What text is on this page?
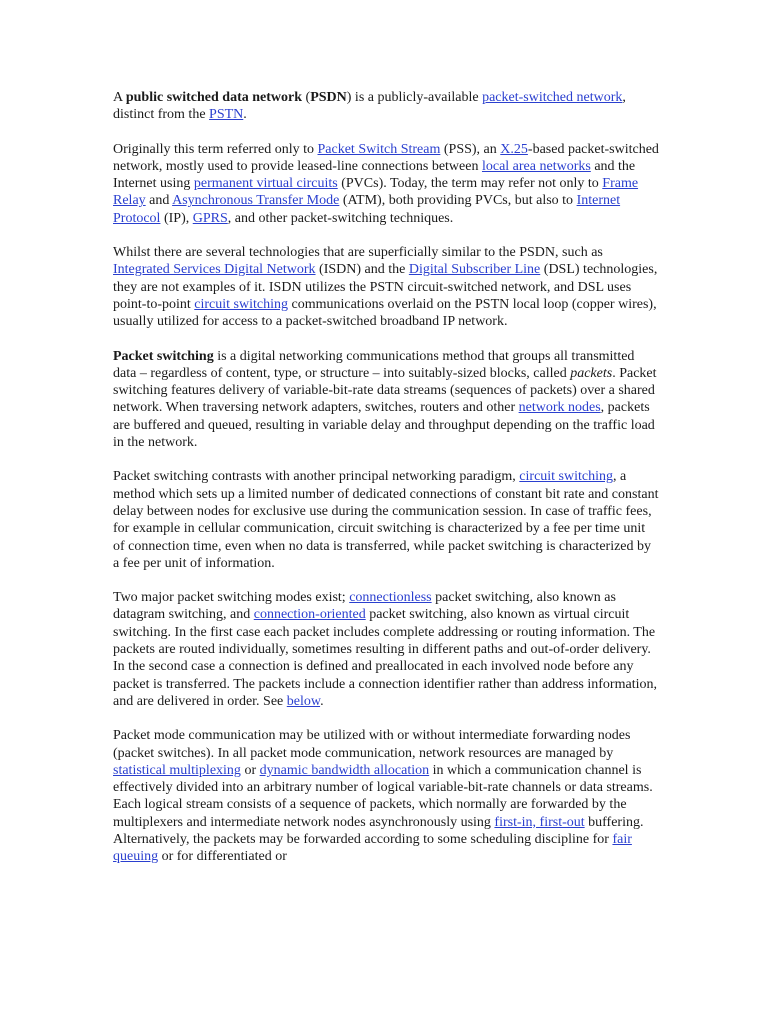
A public switched data network (PSDN) is a publicly-available packet-switched network, distinct from the PSTN.

Originally this term referred only to Packet Switch Stream (PSS), an X.25-based packet-switched network, mostly used to provide leased-line connections between local area networks and the Internet using permanent virtual circuits (PVCs). Today, the term may refer not only to Frame Relay and Asynchronous Transfer Mode (ATM), both providing PVCs, but also to Internet Protocol (IP), GPRS, and other packet-switching techniques.

Whilst there are several technologies that are superficially similar to the PSDN, such as Integrated Services Digital Network (ISDN) and the Digital Subscriber Line (DSL) technologies, they are not examples of it. ISDN utilizes the PSTN circuit-switched network, and DSL uses point-to-point circuit switching communications overlaid on the PSTN local loop (copper wires), usually utilized for access to a packet-switched broadband IP network.

Packet switching is a digital networking communications method that groups all transmitted data – regardless of content, type, or structure – into suitably-sized blocks, called packets. Packet switching features delivery of variable-bit-rate data streams (sequences of packets) over a shared network. When traversing network adapters, switches, routers and other network nodes, packets are buffered and queued, resulting in variable delay and throughput depending on the traffic load in the network.

Packet switching contrasts with another principal networking paradigm, circuit switching, a method which sets up a limited number of dedicated connections of constant bit rate and constant delay between nodes for exclusive use during the communication session. In case of traffic fees, for example in cellular communication, circuit switching is characterized by a fee per time unit of connection time, even when no data is transferred, while packet switching is characterized by a fee per unit of information.

Two major packet switching modes exist; connectionless packet switching, also known as datagram switching, and connection-oriented packet switching, also known as virtual circuit switching. In the first case each packet includes complete addressing or routing information. The packets are routed individually, sometimes resulting in different paths and out-of-order delivery. In the second case a connection is defined and preallocated in each involved node before any packet is transferred. The packets include a connection identifier rather than address information, and are delivered in order. See below.

Packet mode communication may be utilized with or without intermediate forwarding nodes (packet switches). In all packet mode communication, network resources are managed by statistical multiplexing or dynamic bandwidth allocation in which a communication channel is effectively divided into an arbitrary number of logical variable-bit-rate channels or data streams. Each logical stream consists of a sequence of packets, which normally are forwarded by the multiplexers and intermediate network nodes asynchronously using first-in, first-out buffering. Alternatively, the packets may be forwarded according to some scheduling discipline for fair queuing or for differentiated or
